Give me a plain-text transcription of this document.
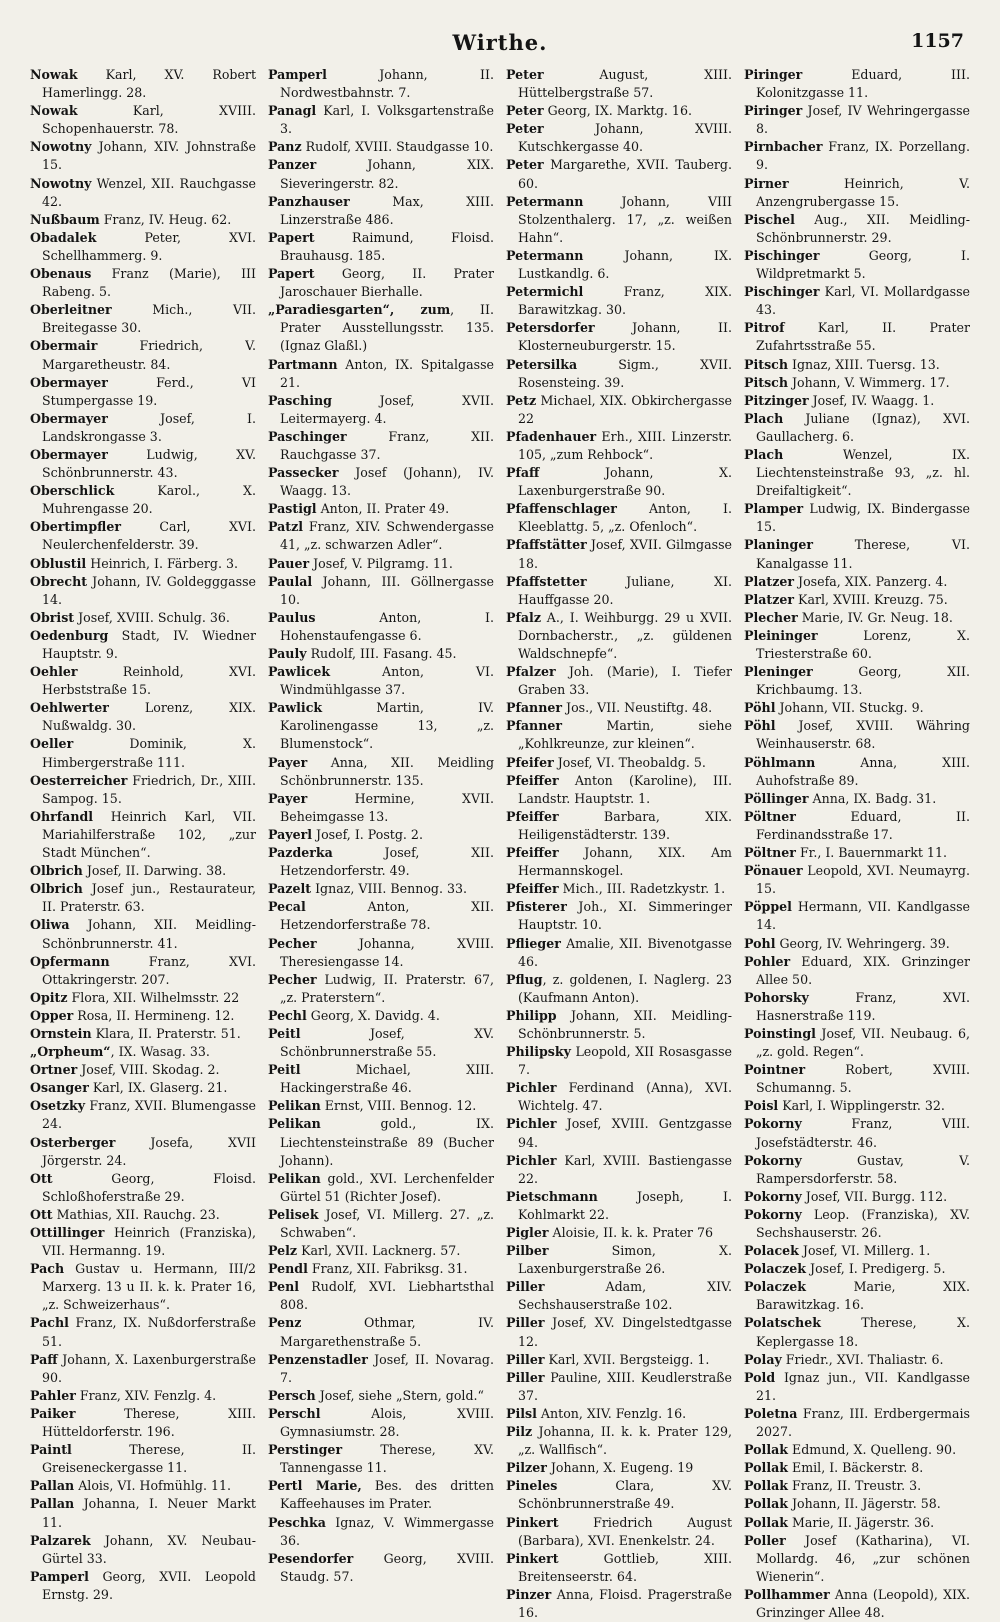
Wirthe.	1157

Nowak Karl, XV. Robert Hamerlingg. 28.

Nowak Karl, XVIII. Schopenhauerstr. 78.

Nowotny Johann, XIV. Johnstraße 15.

Nowotny Wenzel, XII. Rauchgasse 42.

Nußbaum Franz, IV. Heug. 62.

Obadalek Peter, XVI. Schellhammerg. 9.

Obenaus Franz (Marie), III Rabeng. 5.

Oberleitner Mich., VII. Breitegasse 30.

Obermair Friedrich, V. Margaretheustr. 84.

Obermayer Ferd., VI Stumpergasse 19.

Obermayer Josef, I. Landskrongasse 3.

Obermayer Ludwig, XV. Schönbrunnerstr. 43.

Oberschlick Karol., X. Muhrengasse 20.

Obertimpfler Carl, XVI. Neulerchenfelderstr. 39.

Oblustil Heinrich, I. Färberg. 3.

Obrecht Johann, IV. Goldegggasse 14.

Obrist Josef, XVIII. Schulg. 36.

Oedenburg Stadt, IV. Wiedner Hauptstr. 9.

Oehler Reinhold, XVI. Herbststraße 15.

Oehlwerter Lorenz, XIX. Nußwaldg. 30.

Oeller Dominik, X. Himbergerstraße 111.

Oesterreicher Friedrich, Dr., XIII. Sampog. 15.

Ohrfandl Heinrich Karl, VII. Mariahilferstraße 102, „zur Stadt München“.

Olbrich Josef, II. Darwing. 38.

Olbrich Josef jun., Restaurateur, II. Praterstr. 63.

Oliwa Johann, XII. Meidling-Schönbrunnerstr. 41.

Opfermann Franz, XVI. Ottakringerstr. 207.

Opitz Flora, XII. Wilhelmsstr. 22

Opper Rosa, II. Hermineng. 12.

Ornstein Klara, II. Praterstr. 51.

„Orpheum“, IX. Wasag. 33.

Ortner Josef, VIII. Skodag. 2.

Osanger Karl, IX. Glaserg. 21.

Osetzky Franz, XVII. Blumengasse 24.

Osterberger Josefa, XVII Jörgerstr. 24.

Ott Georg, Floisd. Schloßhoferstraße 29.

Ott Mathias, XII. Rauchg. 23.

Ottillinger Heinrich (Franziska), VII. Hermanng. 19.

Pach Gustav u. Hermann, III/2 Marxerg. 13 u II. k. k. Prater 16, „z. Schweizerhaus“.

Pachl Franz, IX. Nußdorferstraße 51.

Paff Johann, X. Laxenburgerstraße 90.

Pahler Franz, XIV. Fenzlg. 4.

Paiker Therese, XIII. Hütteldorferstr. 196.

Paintl Therese, II. Greiseneckergasse 11.

Pallan Alois, VI. Hofmühlg. 11.

Pallan Johanna, I. Neuer Markt 11.

Palzarek Johann, XV. Neubau-Gürtel 33.

Pamperl Georg, XVII. Leopold Ernstg. 29.

Pamperl Johann, II. Nordwestbahnstr. 7.

Panagl Karl, I. Volksgartenstraße 3.

Panz Rudolf, XVIII. Staudgasse 10.

Panzer Johann, XIX. Sieveringerstr. 82.

Panzhauser Max, XIII. Linzerstraße 486.

Papert Raimund, Floisd. Brauhausg. 185.

Papert Georg, II. Prater Jaroschauer Bierhalle.

„Paradiesgarten“, zum, II. Prater Ausstellungsstr. 135. (Ignaz Glaßl.)

Partmann Anton, IX. Spitalgasse 21.

Pasching Josef, XVII. Leitermayerg. 4.

Paschinger Franz, XII. Rauchgasse 37.

Passecker Josef (Johann), IV. Waagg. 13.

Pastigl Anton, II. Prater 49.

Patzl Franz, XIV. Schwendergasse 41, „z. schwarzen Adler“.

Pauer Josef, V. Pilgramg. 11.

Paulal Johann, III. Göllnergasse 10.

Paulus Anton, I. Hohenstaufengasse 6.

Pauly Rudolf, III. Fasang. 45.

Pawlicek Anton, VI. Windmühlgasse 37.

Pawlick Martin, IV. Karolinengasse 13, „z. Blumenstock“.

Payer Anna, XII. Meidling Schönbrunnerstr. 135.

Payer Hermine, XVII. Beheimgasse 13.

Payerl Josef, I. Postg. 2.

Pazderka Josef, XII. Hetzendorferstr. 49.

Pazelt Ignaz, VIII. Bennog. 33.

Pecal Anton, XII. Hetzendorferstraße 78.

Pecher Johanna, XVIII. Theresiengasse 14.

Pecher Ludwig, II. Praterstr. 67, „z. Praterstern“.

Pechl Georg, X. Davidg. 4.

Peitl Josef, XV. Schönbrunnerstraße 55.

Peitl Michael, XIII. Hackingerstraße 46.

Pelikan Ernst, VIII. Bennog. 12.

Pelikan gold., IX. Liechtensteinstraße 89 (Bucher Johann).

Pelikan gold., XVI. Lerchenfelder Gürtel 51 (Richter Josef).

Pelisek Josef, VI. Millerg. 27. „z. Schwaben“.

Pelz Karl, XVII. Lacknerg. 57.

Pendl Franz, XII. Fabriksg. 31.

Penl Rudolf, XVI. Liebhartsthal 808.

Penz Othmar, IV. Margarethenstraße 5.

Penzenstadler Josef, II. Novarag. 7.

Persch Josef, siehe „Stern, gold.“

Perschl Alois, XVIII. Gymnasiumstr. 28.

Perstinger Therese, XV. Tannengasse 11.

Pertl Marie, Bes. des dritten Kaffeehauses im Prater.

Peschka Ignaz, V. Wimmergasse 36.

Pesendorfer Georg, XVIII. Staudg. 57.

Peter August, XIII. Hüttelbergstraße 57.

Peter Georg, IX. Marktg. 16.

Peter Johann, XVIII. Kutschkergasse 40.

Peter Margarethe, XVII. Tauberg. 60.

Petermann Johann, VIII Stolzenthalerg. 17, „z. weißen Hahn“.

Petermann Johann, IX. Lustkandlg. 6.

Petermichl Franz, XIX. Barawitzkag. 30.

Petersdorfer Johann, II. Klosterneuburgerstr. 15.

Petersilka Sigm., XVII. Rosensteing. 39.

Petz Michael, XIX. Obkirchergasse 22

Pfadenhauer Erh., XIII. Linzerstr. 105, „zum Rehbock“.

Pfaff Johann, X. Laxenburgerstraße 90.

Pfaffenschlager Anton, I. Kleeblattg. 5, „z. Ofenloch“.

Pfaffstätter Josef, XVII. Gilmgasse 18.

Pfaffstetter Juliane, XI. Hauffgasse 20.

Pfalz A., I. Weihburgg. 29 u XVII. Dornbacherstr., „z. güldenen Waldschnepfe“.

Pfalzer Joh. (Marie), I. Tiefer Graben 33.

Pfanner Jos., VII. Neustiftg. 48.

Pfanner Martin, siehe „Kohlkreunze, zur kleinen“.

Pfeifer Josef, VI. Theobaldg. 5.

Pfeiffer Anton (Karoline), III. Landstr. Hauptstr. 1.

Pfeiffer Barbara, XIX. Heiligenstädterstr. 139.

Pfeiffer Johann, XIX. Am Hermannskogel.

Pfeiffer Mich., III. Radetzkystr. 1.

Pfisterer Joh., XI. Simmeringer Hauptstr. 10.

Pflieger Amalie, XII. Bivenotgasse 46.

Pflug, z. goldenen, I. Naglerg. 23 (Kaufmann Anton).

Philipp Johann, XII. Meidling-Schönbrunnerstr. 5.

Philipsky Leopold, XII Rosasgasse 7.

Pichler Ferdinand (Anna), XVI. Wichtelg. 47.

Pichler Josef, XVIII. Gentzgasse 94.

Pichler Karl, XVIII. Bastiengasse 22.

Pietschmann Joseph, I. Kohlmarkt 22.

Pigler Aloisie, II. k. k. Prater 76

Pilber Simon, X. Laxenburgerstraße 26.

Piller Adam, XIV. Sechshauserstraße 102.

Piller Josef, XV. Dingelstedtgasse 12.

Piller Karl, XVII. Bergsteigg. 1.

Piller Pauline, XIII. Keudlerstraße 37.

Pilsl Anton, XIV. Fenzlg. 16.

Pilz Johanna, II. k. k. Prater 129, „z. Wallfisch“.

Pilzer Johann, X. Eugeng. 19

Pineles Clara, XV. Schönbrunnerstraße 49.

Pinkert Friedrich August (Barbara), XVI. Enenkelstr. 24.

Pinkert Gottlieb, XIII. Breitenseerstr. 64.

Pinzer Anna, Floisd. Pragerstraße 16.

Piringer Eduard, III. Kolonitzgasse 11.

Piringer Josef, IV Wehringergasse 8.

Pirnbacher Franz, IX. Porzellang. 9.

Pirner Heinrich, V. Anzengrubergasse 15.

Pischel Aug., XII. Meidling-Schönbrunnerstr. 29.

Pischinger Georg, I. Wildpretmarkt 5.

Pischinger Karl, VI. Mollardgasse 43.

Pitrof Karl, II. Prater Zufahrtsstraße 55.

Pitsch Ignaz, XIII. Tuersg. 13.

Pitsch Johann, V. Wimmerg. 17.

Pitzinger Josef, IV. Waagg. 1.

Plach Juliane (Ignaz), XVI. Gaullacherg. 6.

Plach Wenzel, IX. Liechtensteinstraße 93, „z. hl. Dreifaltigkeit“.

Plamper Ludwig, IX. Bindergasse 15.

Planinger Therese, VI. Kanalgasse 11.

Platzer Josefa, XIX. Panzerg. 4.

Platzer Karl, XVIII. Kreuzg. 75.

Plecher Marie, IV. Gr. Neug. 18.

Pleininger Lorenz, X. Triesterstraße 60.

Pleninger Georg, XII. Krichbaumg. 13.

Pöhl Johann, VII. Stuckg. 9.

Pöhl Josef, XVIII. Währing Weinhauserstr. 68.

Pöhlmann Anna, XIII. Auhofstraße 89.

Pöllinger Anna, IX. Badg. 31.

Pöltner Eduard, II. Ferdinandsstraße 17.

Pöltner Fr., I. Bauernmarkt 11.

Pönauer Leopold, XVI. Neumayrg. 15.

Pöppel Hermann, VII. Kandlgasse 14.

Pohl Georg, IV. Wehringerg. 39.

Pohler Eduard, XIX. Grinzinger Allee 50.

Pohorsky Franz, XVI. Hasnerstraße 119.

Poinstingl Josef, VII. Neubaug. 6, „z. gold. Regen“.

Pointner Robert, XVIII. Schumanng. 5.

Poisl Karl, I. Wipplingerstr. 32.

Pokorny Franz, VIII. Josefstädterstr. 46.

Pokorny Gustav, V. Rampersdorferstr. 58.

Pokorny Josef, VII. Burgg. 112.

Pokorny Leop. (Franziska), XV. Sechshauserstr. 26.

Polacek Josef, VI. Millerg. 1.

Polaczek Josef, I. Predigerg. 5.

Polaczek Marie, XIX. Barawitzkag. 16.

Polatschek Therese, X. Keplergasse 18.

Polay Friedr., XVI. Thaliastr. 6.

Pold Ignaz jun., VII. Kandlgasse 21.

Poletna Franz, III. Erdbergermais 2027.

Pollak Edmund, X. Quelleng. 90.

Pollak Emil, I. Bäckerstr. 8.

Pollak Franz, II. Treustr. 3.

Pollak Johann, II. Jägerstr. 58.

Pollak Marie, II. Jägerstr. 36.

Poller Josef (Katharina), VI. Mollardg. 46, „zur schönen Wienerin“.

Pollhammer Anna (Leopold), XIX. Grinzinger Allee 48.
